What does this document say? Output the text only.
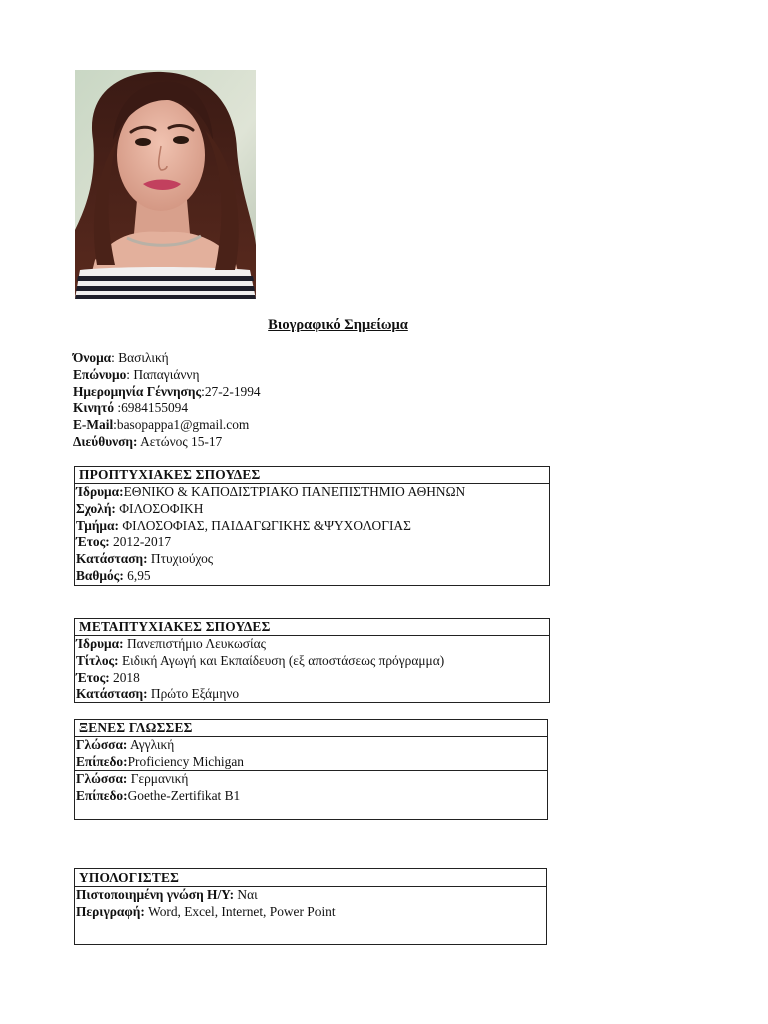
Βιογραφικό Σημείωμα
Όνομα: Βασιλική
Επώνυμο: Παπαγιάννη
Ημερομηνία Γέννησης:27-2-1994
Κινητό :6984155094
E-Mail:basopappa1@gmail.com
Διεύθυνση: Αετώνος 15-17
ΠΡΟΠΤΥΧΙΑΚΕΣ ΣΠΟΥΔΕΣ
Ίδρυμα:ΕΘΝΙΚΟ & ΚΑΠΟΔΙΣΤΡΙΑΚΟ ΠΑΝΕΠΙΣΤΗΜΙΟ ΑΘΗΝΩΝ
Σχολή: ΦΙΛΟΣΟΦΙΚΗ
Τμήμα: ΦΙΛΟΣΟΦΙΑΣ, ΠΑΙΔΑΓΩΓΙΚΗΣ &ΨΥΧΟΛΟΓΙΑΣ
Έτος: 2012-2017
Κατάσταση: Πτυχιούχος
Βαθμός: 6,95
ΜΕΤΑΠΤΥΧΙΑΚΕΣ ΣΠΟΥΔΕΣ
Ίδρυμα: Πανεπιστήμιο Λευκωσίας
Τίτλος: Ειδική Αγωγή και Εκπαίδευση (εξ αποστάσεως πρόγραμμα)
Έτος: 2018
Κατάσταση: Πρώτο Εξάμηνο
ΞΕΝΕΣ ΓΛΩΣΣΕΣ
Γλώσσα: Αγγλική
Επίπεδο:Proficiency Michigan
Γλώσσα: Γερμανική
Επίπεδο:Goethe-Zertifikat B1
ΥΠΟΛΟΓΙΣΤΕΣ
Πιστοποιημένη γνώση Η/Υ: Ναι
Περιγραφή: Word, Excel, Internet, Power Point
